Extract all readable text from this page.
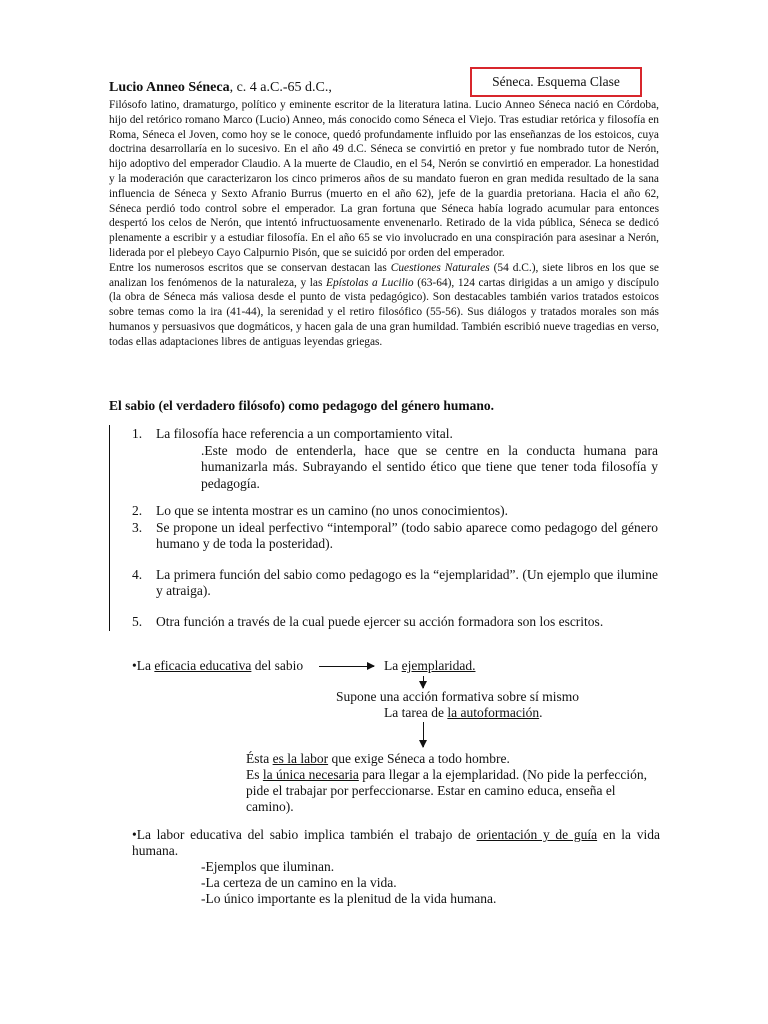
Séneca. Esquema Clase
Lucio Anneo Séneca, c. 4 a.C.-65 d.C.,

Filósofo latino, dramaturgo, político y eminente escritor de la literatura latina. Lucio Anneo Séneca nació en Córdoba, hijo del retórico romano Marco (Lucio) Anneo, más conocido como Séneca el Viejo. Tras estudiar retórica y filosofía en Roma, Séneca el Joven, como hoy se le conoce, quedó profundamente influido por las enseñanzas de los estoicos, cuya doctrina desarrollaría en lo sucesivo. En el año 49 d.C. Séneca se convirtió en pretor y fue nombrado tutor de Nerón, hijo adoptivo del emperador Claudio. A la muerte de Claudio, en el 54, Nerón se convirtió en emperador. La honestidad y la moderación que caracterizaron los cinco primeros años de su mandato fueron en gran medida resultado de la sana influencia de Séneca y Sexto Afranio Burrus (muerto en el año 62), jefe de la guardia pretoriana. Hacia el año 62, Séneca perdió todo control sobre el emperador. La gran fortuna que Séneca había logrado acumular para entonces despertó los celos de Nerón, que intentó infructuosamente envenenarlo. Retirado de la vida pública, Séneca se dedicó plenamente a escribir y a estudiar filosofía. En el año 65 se vio involucrado en una conspiración para asesinar a Nerón, liderada por el plebeyo Cayo Calpurnio Pisón, que se suicidó por orden del emperador.

Entre los numerosos escritos que se conservan destacan las Cuestiones Naturales (54 d.C.), siete libros en los que se analizan los fenómenos de la naturaleza, y las Epístolas a Lucilio (63-64), 124 cartas dirigidas a un amigo y discípulo (la obra de Séneca más valiosa desde el punto de vista pedagógico). Son destacables también varios tratados estoicos sobre temas como la ira (41-44), la serenidad y el retiro filosófico (55-56). Sus diálogos y tratados morales son más humanos y persuasivos que dogmáticos, y hacen gala de una gran humildad. También escribió nueve tragedias en verso, todas ellas adaptaciones libres de antiguas leyendas griegas.

El sabio (el verdadero filósofo) como pedagogo del género humano.
1. La filosofía hace referencia a un comportamiento vital.
.Este modo de entenderla, hace que se centre en la conducta humana para humanizarla más. Subrayando el sentido ético que tiene que tener toda filosofía y pedagogía.
2. Lo que se intenta mostrar es un camino (no unos conocimientos).
3. Se propone un ideal perfectivo “intemporal” (todo sabio aparece como pedagogo del género humano y de toda la posteridad).
4. La primera función del sabio como pedagogo es la “ejemplaridad”. (Un ejemplo que ilumine y atraiga).
5. Otra función a través de la cual puede ejercer su acción formadora son los escritos.
•La eficacia educativa del sabio	La ejemplaridad.
Supone una acción formativa sobre sí mismo
La tarea de la autoformación.
Ésta es la labor que exige Séneca a todo hombre.
Es la única necesaria para llegar a la ejemplaridad. (No pide la perfección, pide el trabajar por perfeccionarse. Estar en camino educa, enseña el camino).
•La labor educativa del sabio implica también el trabajo de orientación y de guía en la vida humana.
-Ejemplos que iluminan.
-La certeza de un camino en la vida.
-Lo único importante es la plenitud de la vida humana.
